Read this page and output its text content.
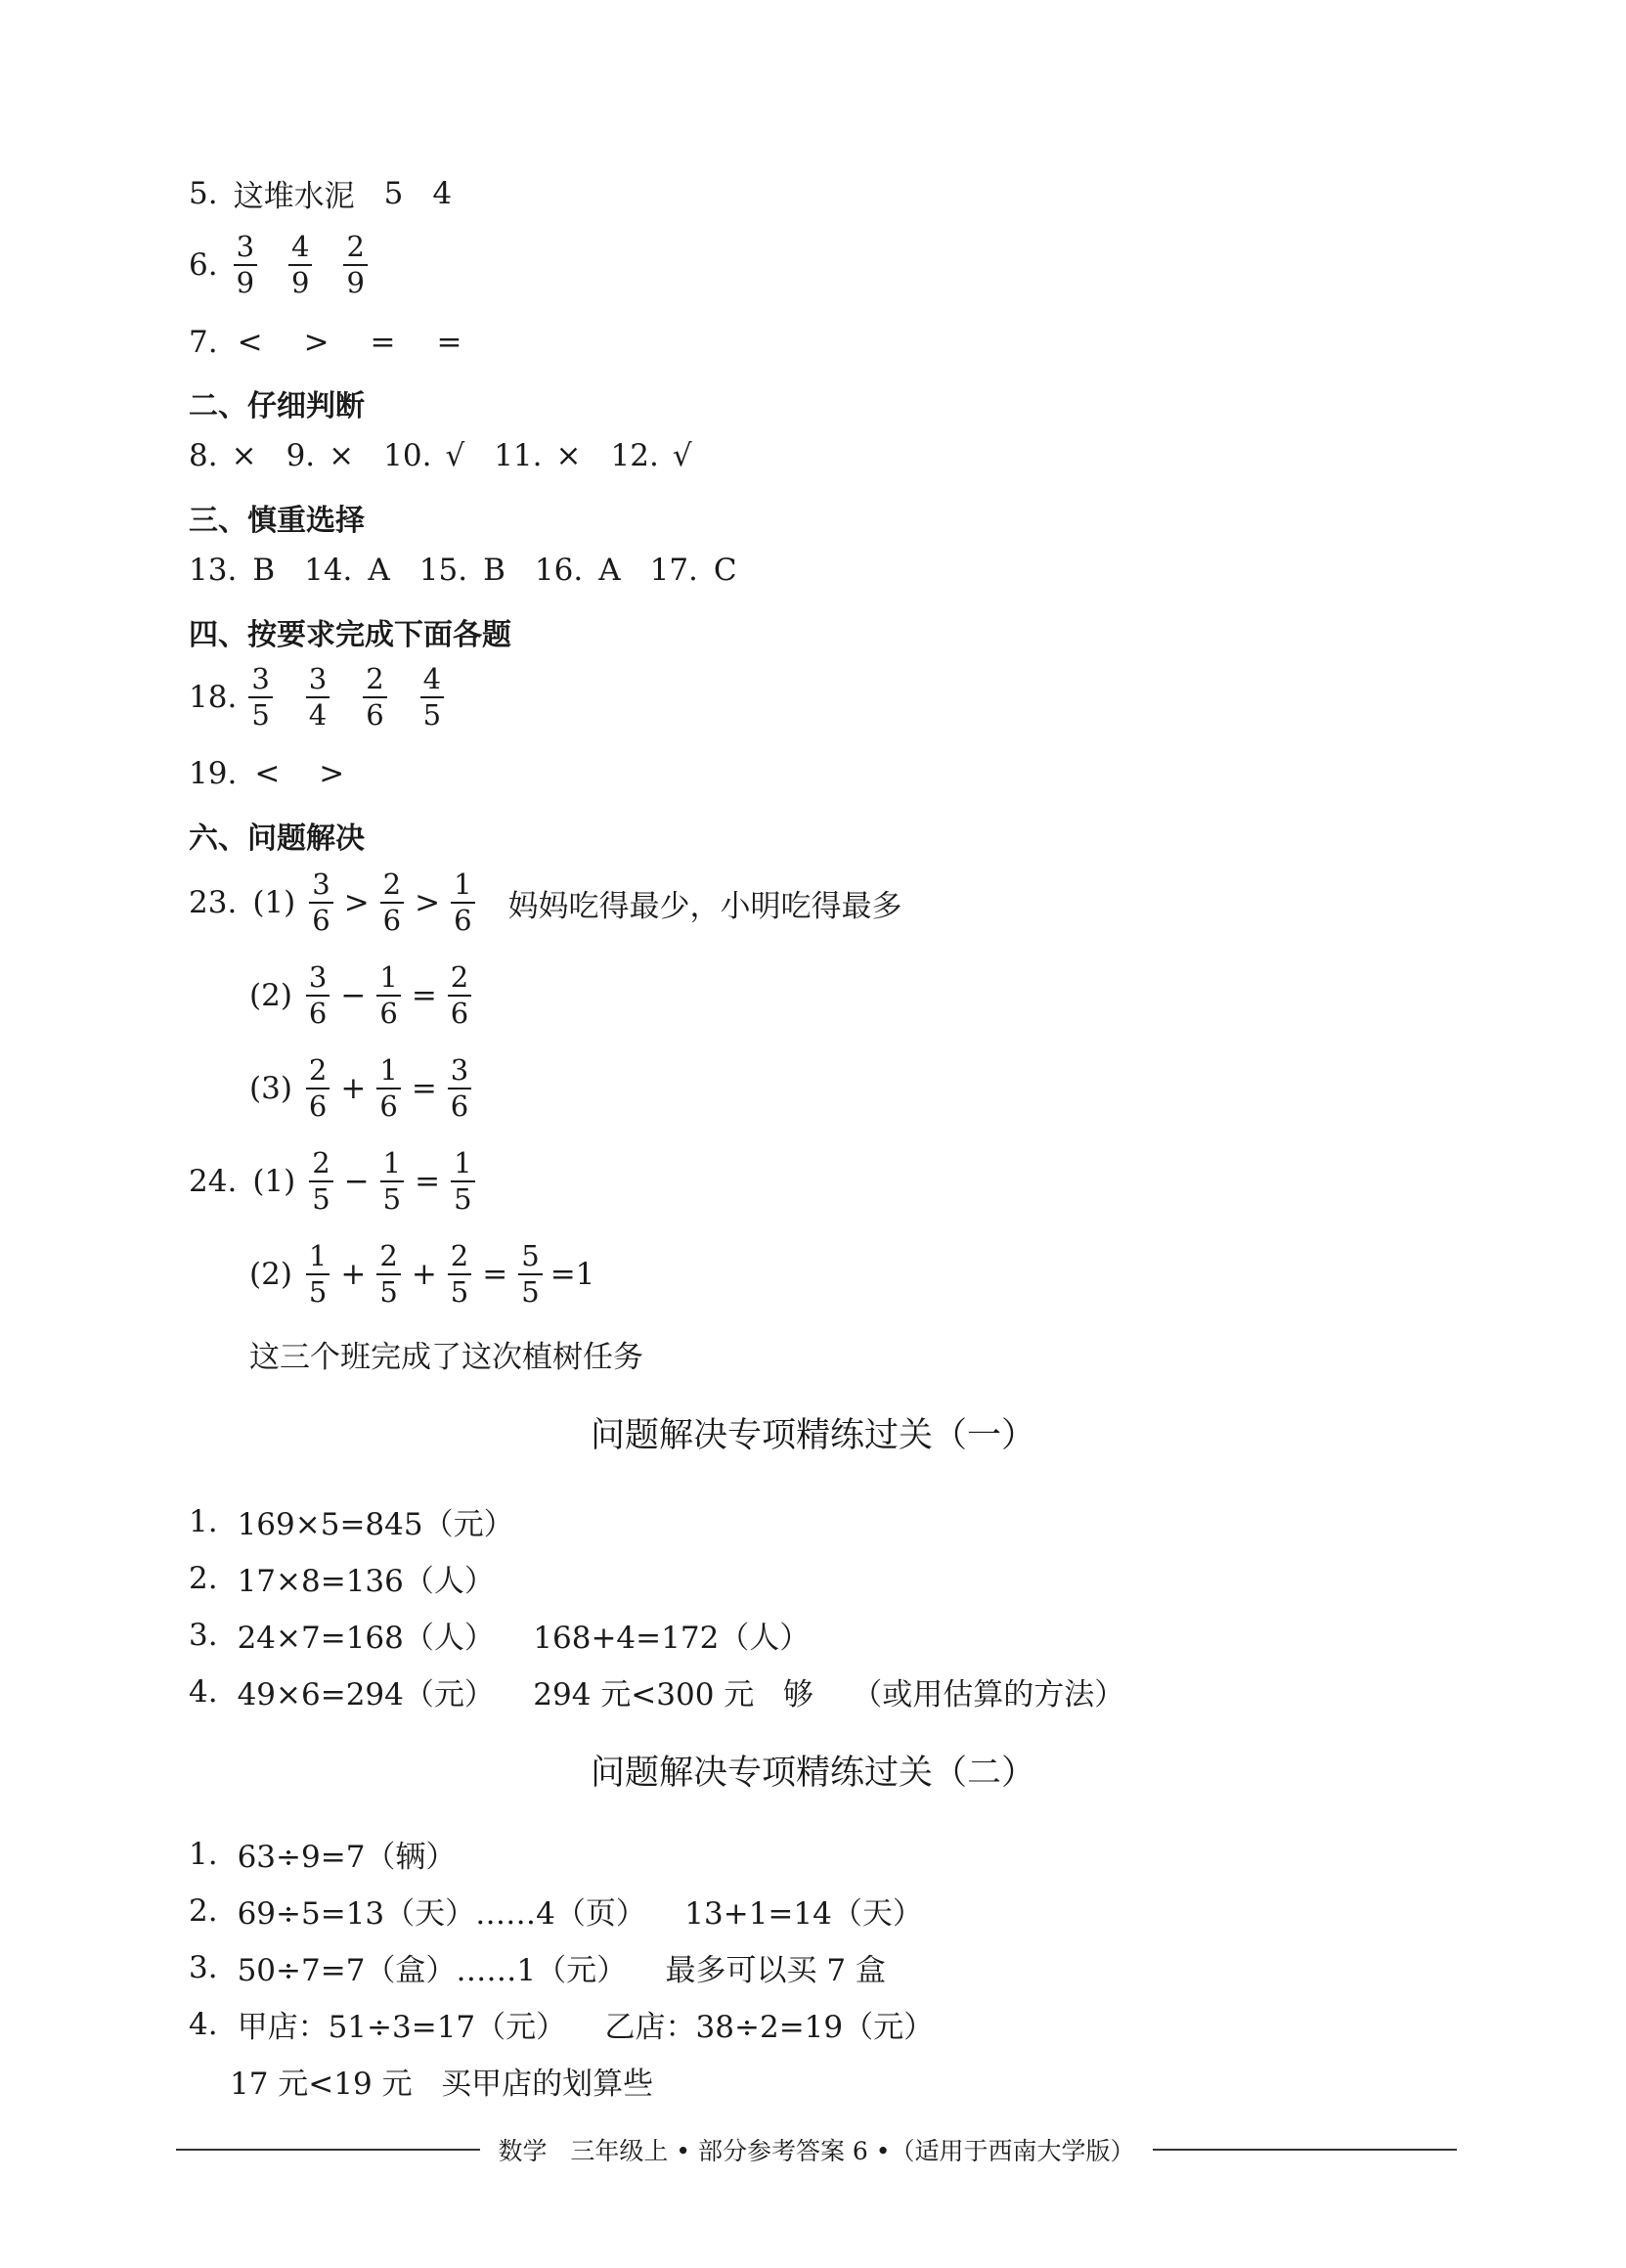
5. 这堆水泥 5 4
6. $\frac{3}{9} \frac{4}{9} \frac{2}{9}$
7. < > = =
二、仔细判断
8. × 9. × 10. √ 11. × 12. √
三、慎重选择
13. B 14. A 15. B 16. A 17. C
四、按要求完成下面各题
18. $\frac{3}{5} \frac{3}{4} \frac{2}{6} \frac{4}{5}$
19. < >
六、问题解决
23. $(1) \frac{3}{6} > \frac{2}{6} > \frac{1}{6}$ 妈妈吃得最少，小明吃得最多
$(2) \frac{3}{6} - \frac{1}{6} = \frac{2}{6}$
$(3) \frac{2}{6} + \frac{1}{6} = \frac{3}{6}$
24. $(1) \frac{2}{5} - \frac{1}{5} = \frac{1}{5}$
$(2) \frac{1}{5} + \frac{2}{5} + \frac{2}{5} = \frac{5}{5} =1$
这三个班完成了这次植树任务
问题解决专项精练过关（一）
1. 169×5=845（元）
2. 17×8=136（人）
3. 24×7=168（人）    168+4=172（人）
4. 49×6=294（元）    294 元<300 元   够    （或用估算的方法）
问题解决专项精练过关（二）
1. 63÷9=7（辆）
2. 69÷5=13（天）……4（页）    13+1=14（天）
3. 50÷7=7（盒）……1（元）    最多可以买 7 盒
4. 甲店：51÷3=17（元）    乙店：38÷2=19（元）
17 元<19 元   买甲店的划算些
数学   三年级上 • 部分参考答案 6 •（适用于西南大学版）
